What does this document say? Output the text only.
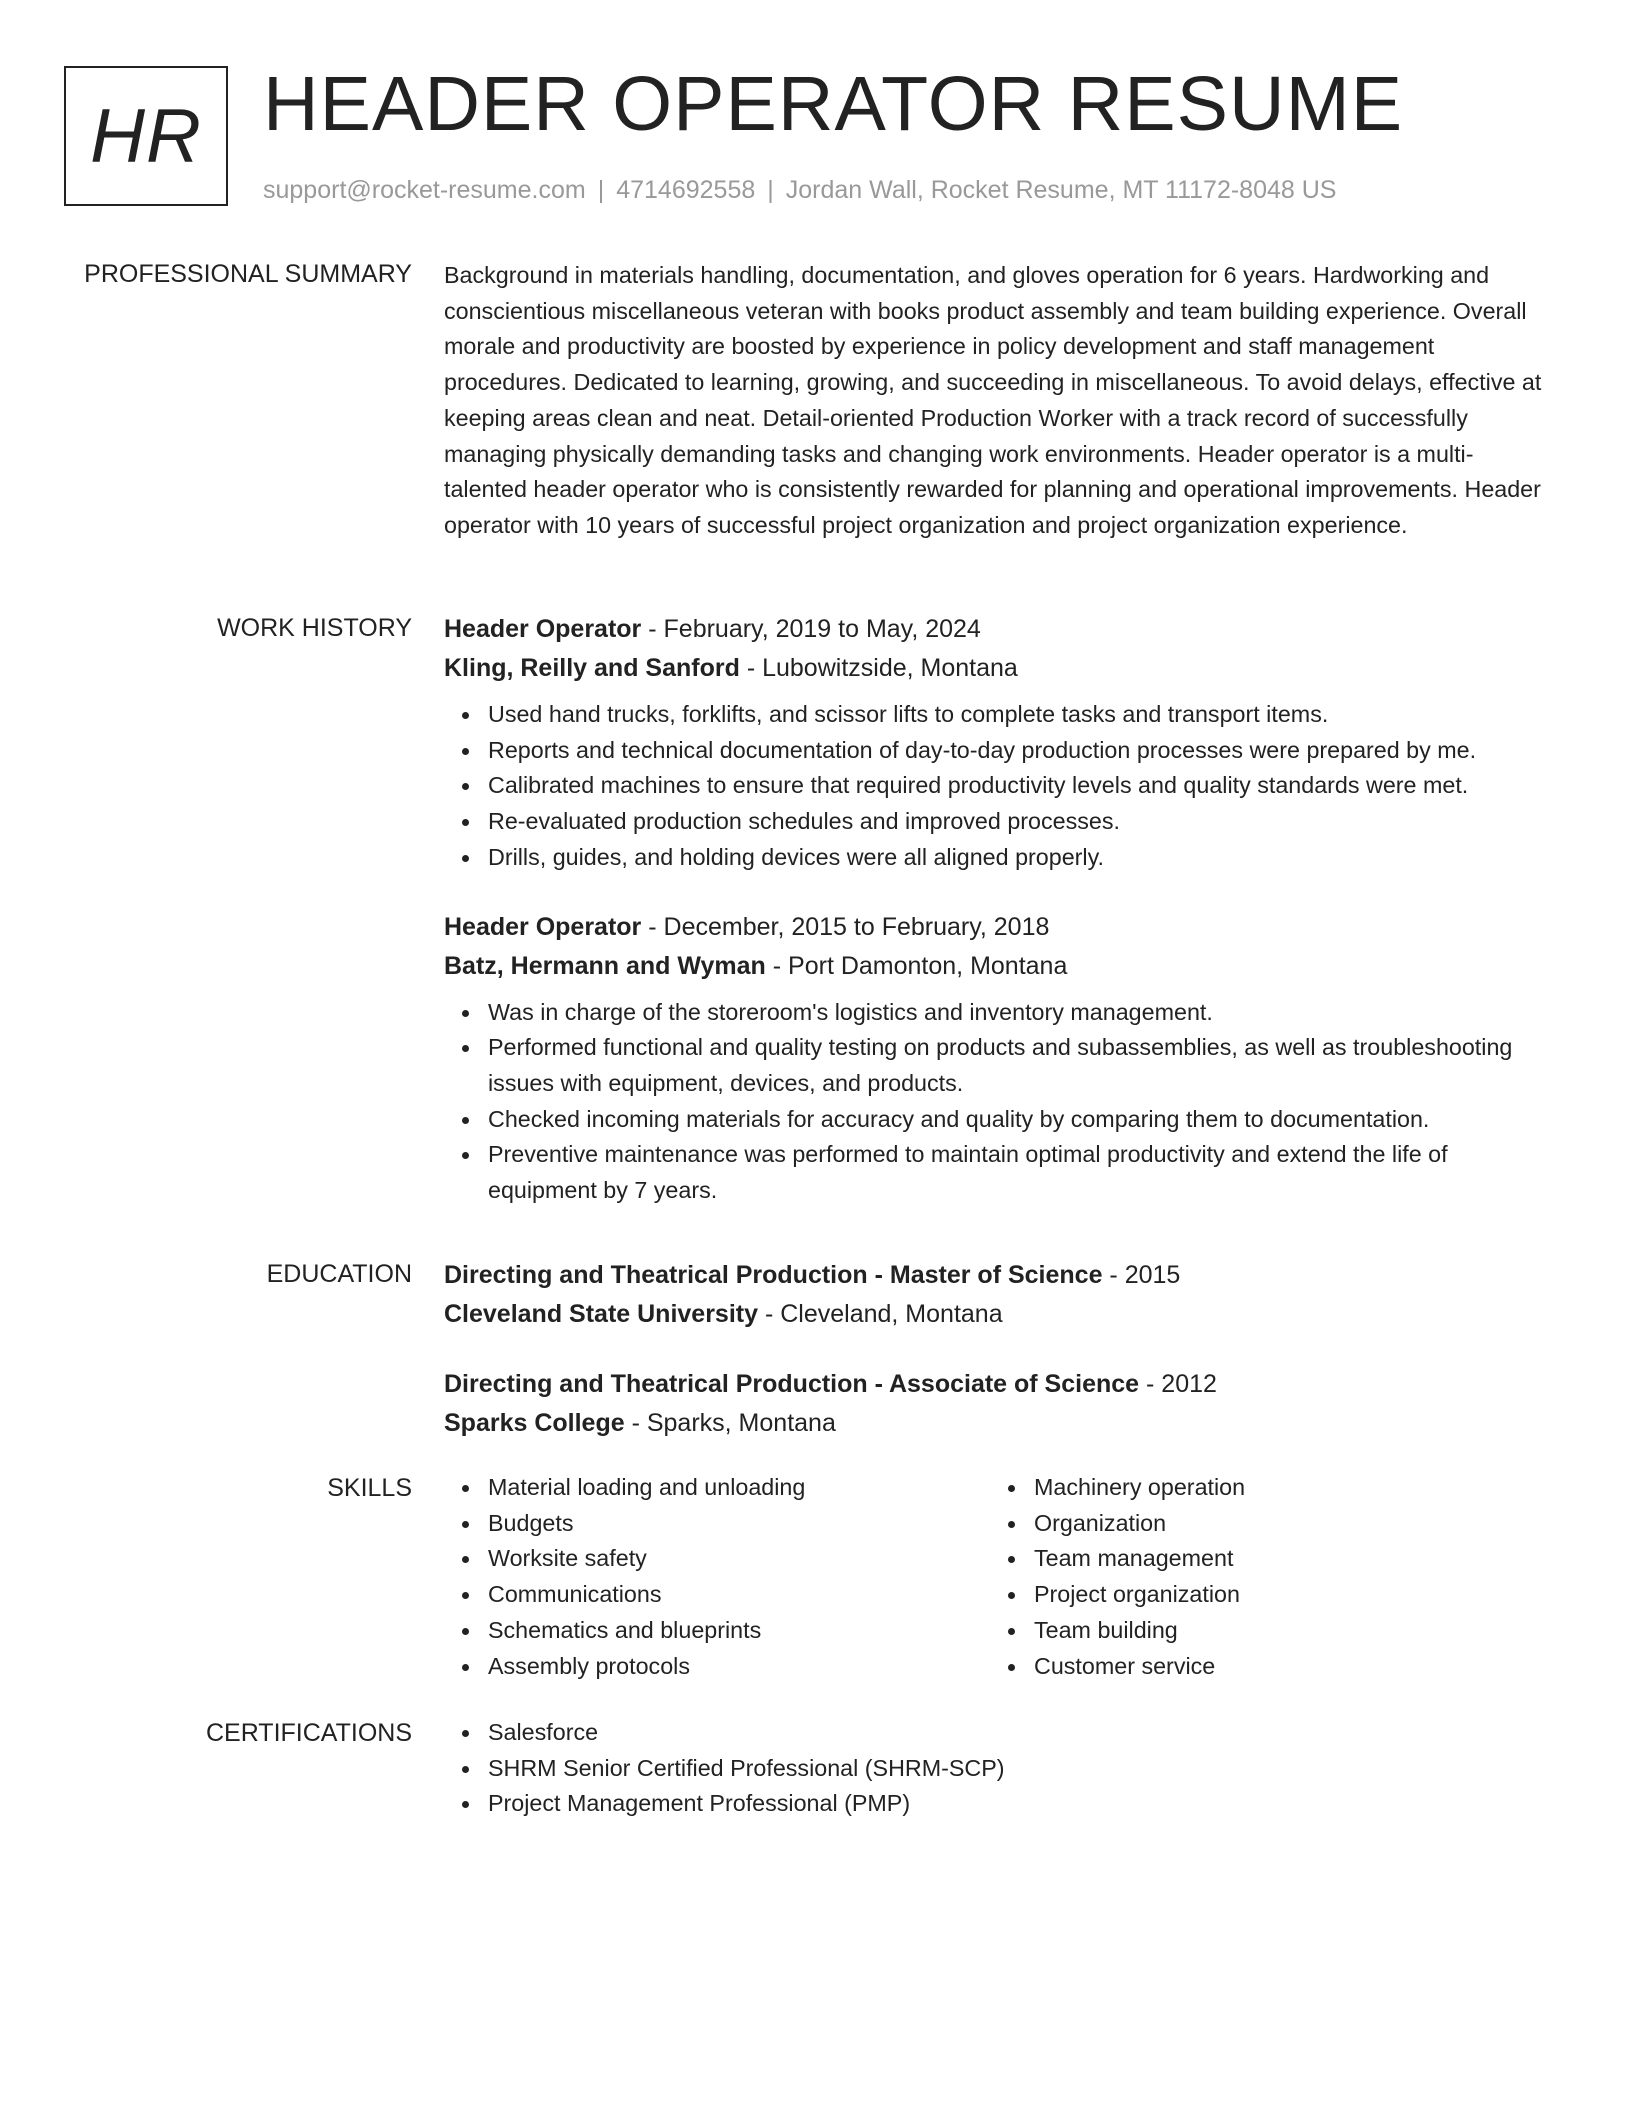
HR HEADER OPERATOR RESUME
support@rocket-resume.com | 4714692558 | Jordan Wall, Rocket Resume, MT 11172-8048 US
PROFESSIONAL SUMMARY Background in materials handling, documentation, and gloves operation for 6 years. Hardworking and conscientious miscellaneous veteran with books product assembly and team building experience. Overall morale and productivity are boosted by experience in policy development and staff management procedures. Dedicated to learning, growing, and succeeding in miscellaneous. To avoid delays, effective at keeping areas clean and neat. Detail-oriented Production Worker with a track record of successfully managing physically demanding tasks and changing work environments. Header operator is a multi-talented header operator who is consistently rewarded for planning and operational improvements. Header operator with 10 years of successful project organization and project organization experience.

WORK HISTORY Header Operator - February, 2019 to May, 2024
Kling, Reilly and Sanford - Lubowitzside, Montana
Used hand trucks, forklifts, and scissor lifts to complete tasks and transport items.
Reports and technical documentation of day-to-day production processes were prepared by me.
Calibrated machines to ensure that required productivity levels and quality standards were met.
Re-evaluated production schedules and improved processes.
Drills, guides, and holding devices were all aligned properly.
Header Operator - December, 2015 to February, 2018
Batz, Hermann and Wyman - Port Damonton, Montana
Was in charge of the storeroom's logistics and inventory management.
Performed functional and quality testing on products and subassemblies, as well as troubleshooting issues with equipment, devices, and products.
Checked incoming materials for accuracy and quality by comparing them to documentation.
Preventive maintenance was performed to maintain optimal productivity and extend the life of equipment by 7 years.
EDUCATION Directing and Theatrical Production - Master of Science - 2015
Cleveland State University - Cleveland, Montana
Directing and Theatrical Production - Associate of Science - 2012
Sparks College - Sparks, Montana
SKILLS	Material loading and unloading
Budgets
Worksite safety
Communications
Schematics and blueprints
Assembly protocols
Machinery operation
Organization
Team management
Project organization
Team building
Customer service
CERTIFICATIONS	Salesforce
SHRM Senior Certified Professional (SHRM-SCP)
Project Management Professional (PMP)
